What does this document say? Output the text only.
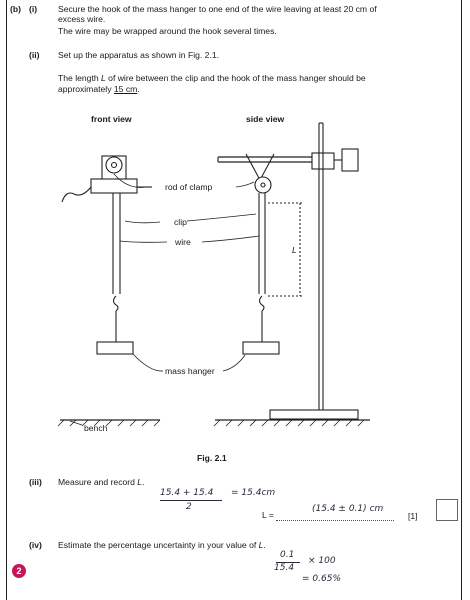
(b) (i) Secure the hook of the mass hanger to one end of the wire leaving at least 20 cm of
excess wire.
The wire may be wrapped around the hook several times.
(ii) Set up the apparatus as shown in Fig. 2.1.
The length L of wire between the clip and the hook of the mass hanger should be
approximately 15 cm.
front view	side view
rod of clamp
clip
wire
L
mass hanger
bench
Fig. 2.1
(iii) Measure and record L.
15.4 + 15.4
2
= 15.4cm
L =
(15.4 ± 0.1) cm
[1]
(iv) Estimate the percentage uncertainty in your value of L.
0.1
15.4
× 100
= 0.65%
2
